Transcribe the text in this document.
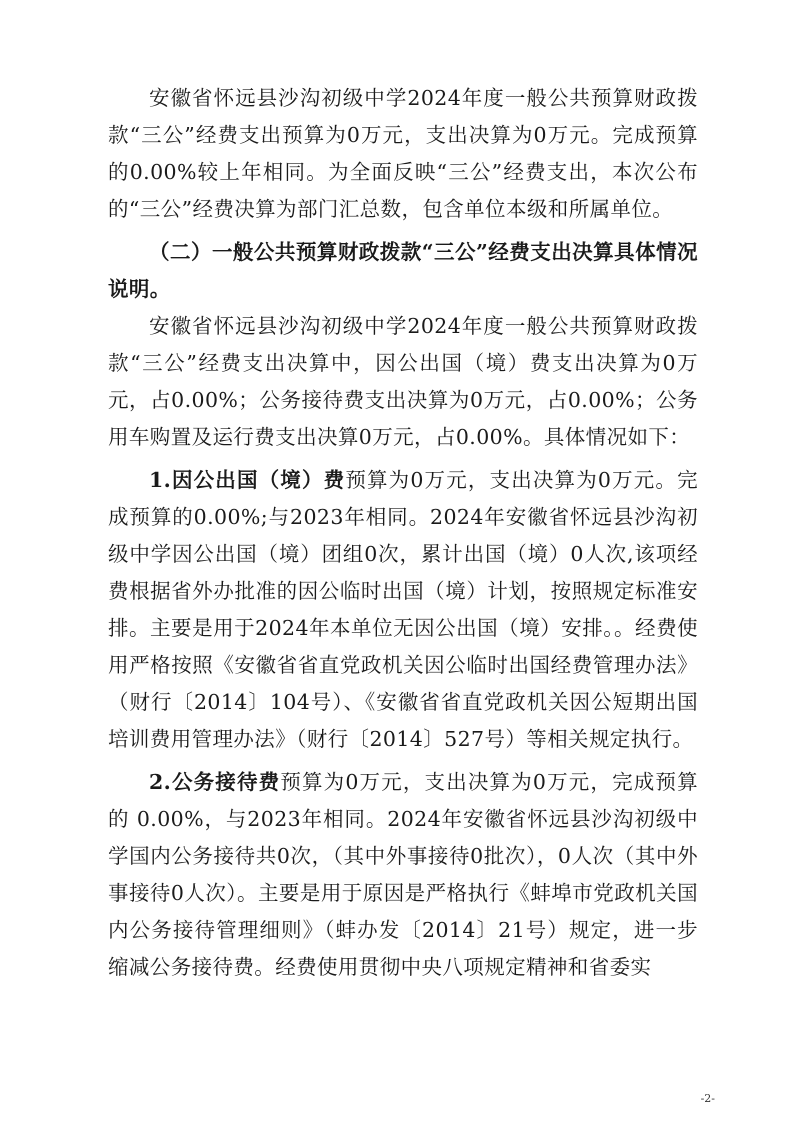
安徽省怀远县沙沟初级中学2024年度一般公共预算财政拨款“三公”经费支出预算为0万元，支出决算为0万元。完成预算的0.00%较上年相同。为全面反映“三公”经费支出，本次公布的“三公”经费决算为部门汇总数，包含单位本级和所属单位。

（二）一般公共预算财政拨款“三公”经费支出决算具体情况说明。

安徽省怀远县沙沟初级中学2024年度一般公共预算财政拨款“三公”经费支出决算中，因公出国（境）费支出决算为0万元，占0.00%；公务接待费支出决算为0万元，占0.00%；公务用车购置及运行费支出决算0万元，占0.00%。具体情况如下：

1.因公出国（境）费预算为0万元，支出决算为0万元。完成预算的0.00%;与2023年相同。2024年安徽省怀远县沙沟初级中学因公出国（境）团组0次，累计出国（境）0人次,该项经费根据省外办批准的因公临时出国（境）计划，按照规定标准安排。主要是用于2024年本单位无因公出国（境）安排。。经费使用严格按照《安徽省省直党政机关因公临时出国经费管理办法》（财行〔2014〕104号）、《安徽省省直党政机关因公短期出国培训费用管理办法》（财行〔2014〕527号）等相关规定执行。

2.公务接待费预算为0万元，支出决算为0万元，完成预算的 0.00%，与2023年相同。2024年安徽省怀远县沙沟初级中学国内公务接待共0次，（其中外事接待0批次），0人次（其中外事接待0人次）。主要是用于原因是严格执行《蚌埠市党政机关国内公务接待管理细则》（蚌办发〔2014〕21号）规定，进一步缩减公务接待费。经费使用贯彻中央八项规定精神和省委实

-2-
